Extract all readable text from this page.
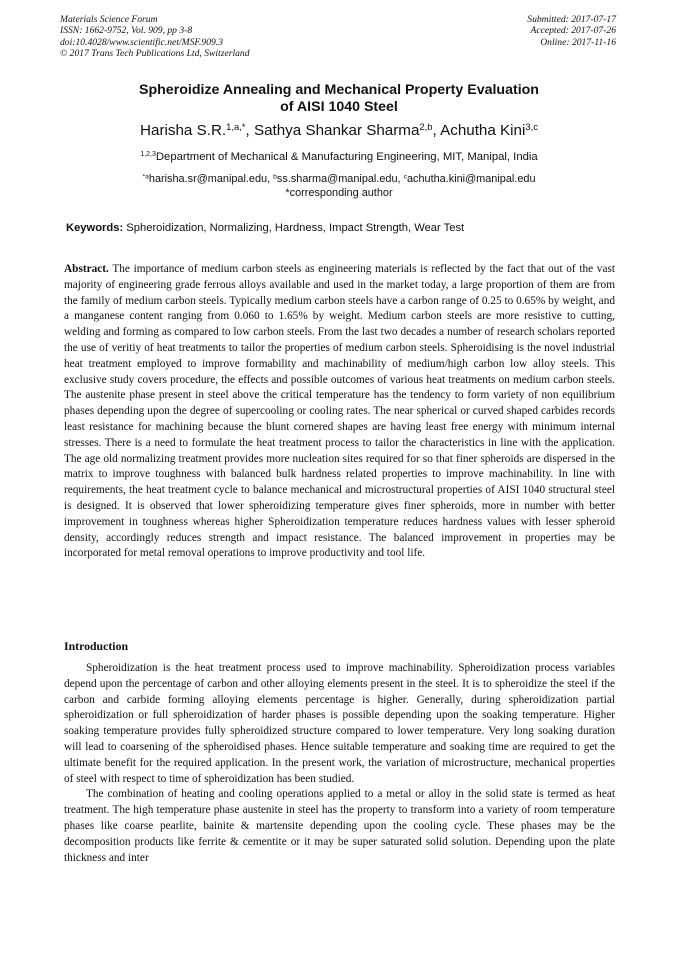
Materials Science Forum
ISSN: 1662-9752, Vol. 909, pp 3-8
doi:10.4028/www.scientific.net/MSF.909.3
© 2017 Trans Tech Publications Ltd, Switzerland
Submitted: 2017-07-17
Accepted: 2017-07-26
Online: 2017-11-16
Spheroidize Annealing and Mechanical Property Evaluation
of AISI 1040 Steel
Harisha S.R.$^{1,a,*}$, Sathya Shankar Sharma$^{2,b}$, Achutha Kini$^{3,c}$
$^{1,2,3}$Department of Mechanical & Manufacturing Engineering, MIT, Manipal, India
$^{*a}$harisha.sr@manipal.edu, $^b$ss.sharma@manipal.edu, $^c$achutha.kini@manipal.edu
*corresponding author
Keywords: Spheroidization, Normalizing, Hardness, Impact Strength, Wear Test
Abstract. The importance of medium carbon steels as engineering materials is reflected by the fact that out of the vast majority of engineering grade ferrous alloys available and used in the market today, a large proportion of them are from the family of medium carbon steels. Typically medium carbon steels have a carbon range of 0.25 to 0.65% by weight, and a manganese content ranging from 0.060 to 1.65% by weight. Medium carbon steels are more resistive to cutting, welding and forming as compared to low carbon steels. From the last two decades a number of research scholars reported the use of veritiy of heat treatments to tailor the properties of medium carbon steels. Spheroidising is the novel industrial heat treatment employed to improve formability and machinability of medium/high carbon low alloy steels. This exclusive study covers procedure, the effects and possible outcomes of various heat treatments on medium carbon steels. The austenite phase present in steel above the critical temperature has the tendency to form variety of non equilibrium phases depending upon the degree of supercooling or cooling rates. The near spherical or curved shaped carbides records least resistance for machining because the blunt cornered shapes are having least free energy with minimum internal stresses. There is a need to formulate the heat treatment process to tailor the characteristics in line with the application. The age old normalizing treatment provides more nucleation sites required for so that finer spheroids are dispersed in the matrix to improve toughness with balanced bulk hardness related properties to improve machinability. In line with requirements, the heat treatment cycle to balance mechanical and microstructural properties of AISI 1040 structural steel is designed. It is observed that lower spheroidizing temperature gives finer spheroids, more in number with better improvement in toughness whereas higher Spheroidization temperature reduces hardness values with lesser spheroid density, accordingly reduces strength and impact resistance. The balanced improvement in properties may be incorporated for metal removal operations to improve productivity and tool life.
Introduction

Spheroidization is the heat treatment process used to improve machinability. Spheroidization process variables depend upon the percentage of carbon and other alloying elements present in the steel. It is to spheroidize the steel if the carbon and carbide forming alloying elements percentage is higher. Generally, during spheroidization partial spheroidization or full spheroidization of harder phases is possible depending upon the soaking temperature. Higher soaking temperature provides fully spheroidized structure compared to lower temperature. Very long soaking duration will lead to coarsening of the spheroidised phases. Hence suitable temperature and soaking time are required to get the ultimate benefit for the required application. In the present work, the variation of microstructure, mechanical properties of steel with respect to time of spheroidization has been studied.

The combination of heating and cooling operations applied to a metal or alloy in the solid state is termed as heat treatment. The high temperature phase austenite in steel has the property to transform into a variety of room temperature phases like coarse pearlite, bainite & martensite depending upon the cooling cycle. These phases may be the decomposition products like ferrite & cementite or it may be super saturated solid solution. Depending upon the plate thickness and inter
